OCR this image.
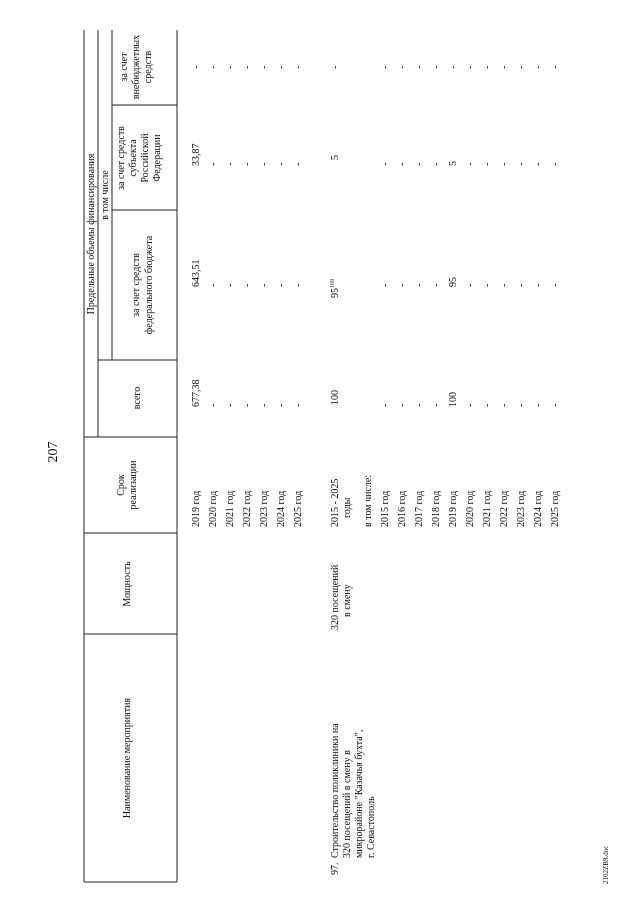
207
2102ZB9.doc
Наименование мероприятия
Мощность
Срок реализации
всего
Предельные объемы финансирования в том числе
за счет средств федерального бюджета
за счет средств субъекта Российской Федерации
за счет внебюджетных средств
97.
Строительство поликлиники на 320 посещений в смену в микрорайоне "Казачья бухта", г. Севастополь
320 посещений в смену
2015 - 2025 годы
100
$95^{169}$
5
-
в том числе:
2019 год
677,38
643,51
33,87
-
2020 год
-
-
-
-
2021 год
-
-
-
-
2022 год
-
-
-
-
2023 год
-
-
-
-
2024 год
-
-
-
-
2025 год
-
-
-
-
2015 год
-
-
-
-
2016 год
-
-
-
-
2017 год
-
-
-
-
2018 год
-
-
-
-
2019 год
100
95
5
-
2020 год
-
-
-
-
2021 год
-
-
-
-
2022 год
-
-
-
-
2023 год
-
-
-
-
2024 год
-
-
-
-
2025 год
-
-
-
-
